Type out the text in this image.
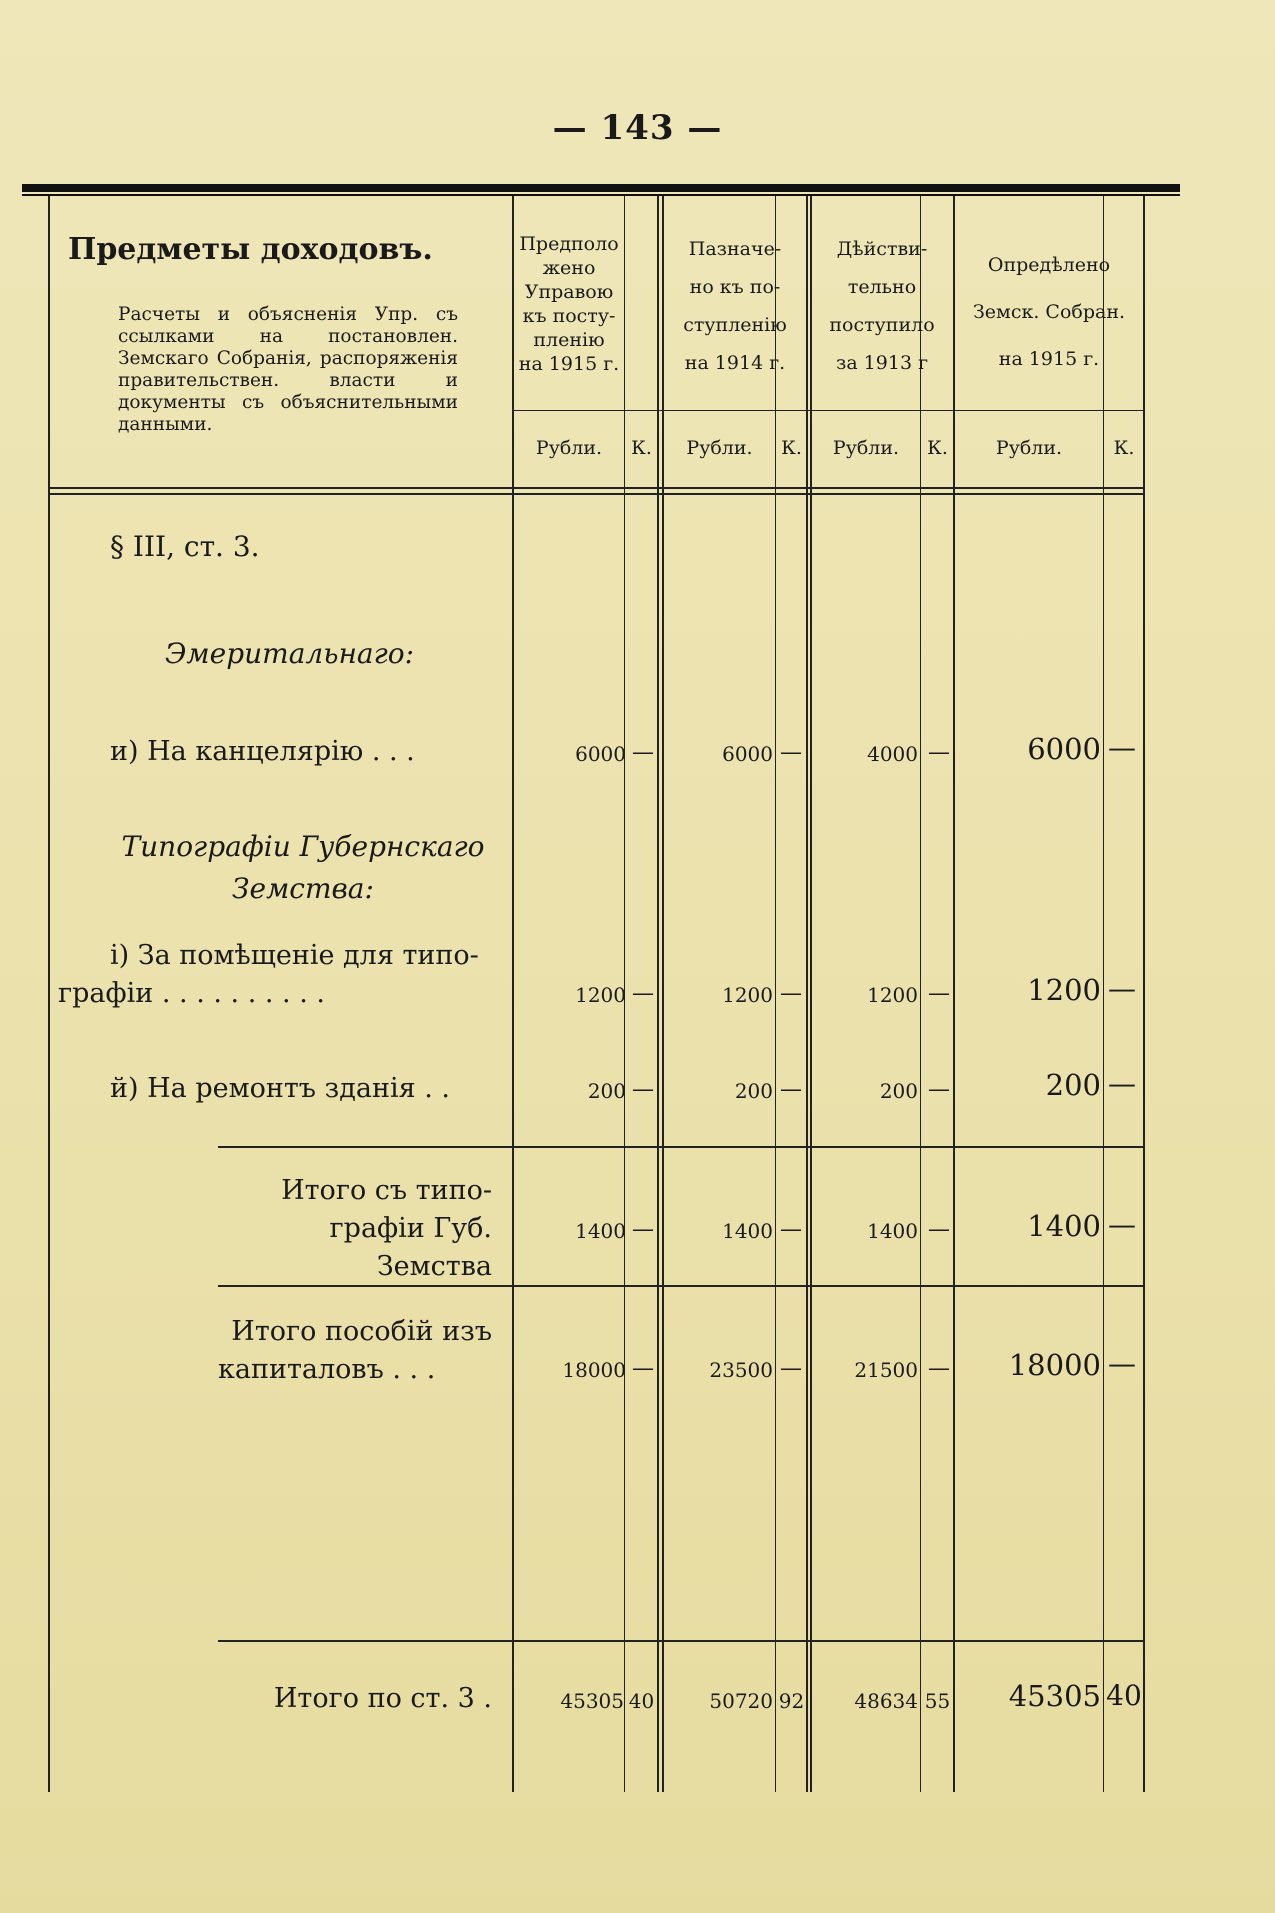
— 143 —
Предметы доходовъ.
Расчеты и объясненія Упр. съ ссылками на постановлен. Земскаго Собранія, распоряженія правительствен. власти и документы съ объяснительными данными.
Предполо
жено
Управою
къ посту-
пленію
на 1915 г.
Пазначе-
но къ по-
ступленію
на 1914 г.
Дѣйстви-
тельно
поступило
за 1913 г
Опредѣлено
Земск. Собран.
на 1915 г.
Рубли.	К.	Рубли.	К.	Рубли.	К.	Рубли.	К.
§ III, ст. 3.
Эмеритальнаго:
Типографіи Губернскаго
Земства:
и) На канцелярію . . .	6000 —	6000 —	4000 —	6000 —
і) За помѣщеніе для типо-
графіи . . . . . . . . . .	1200 —	1200 —	1200 —	1200 —
й) На ремонтъ зданія . .	200 —	200 —	200 —	200 —
Итого съ типо-
графіи Губ. Земства
1400 —	1400 —	1400 —	1400 —
Итого пособій изъ
капиталовъ . . .	18000 —	23500 —	21500 —	18000 —
Итого по ст. 3 .	45305 40	50720 92	48634 55	45305 40
